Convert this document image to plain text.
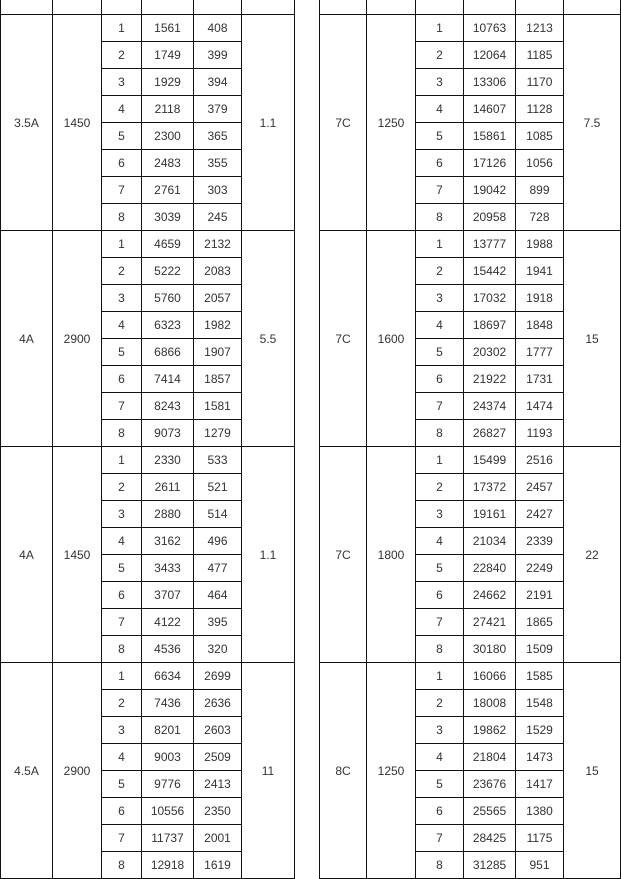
3.5A	1450	1	1561	408	1.1
		2	1749	399	
		3	1929	394	
		4	2118	379	
		5	2300	365	
		6	2483	355	
		7	2761	303	
		8	3039	245	
4A	2900	1	4659	2132	5.5
		2	5222	2083	
		3	5760	2057	
		4	6323	1982	
		5	6866	1907	
		6	7414	1857	
		7	8243	1581	
		8	9073	1279	
4A	1450	1	2330	533	1.1
		2	2611	521	
		3	2880	514	
		4	3162	496	
		5	3433	477	
		6	3707	464	
		7	4122	395	
		8	4536	320	
4.5A	2900	1	6634	2699	11
		2	7436	2636	
		3	8201	2603	
		4	9003	2509	
		5	9776	2413	
		6	10556	2350	
		7	11737	2001	
		8	12918	1619	

7C	1250	1	10763	1213	7.5
		2	12064	1185	
		3	13306	1170	
		4	14607	1128	
		5	15861	1085	
		6	17126	1056	
		7	19042	899	
		8	20958	728	
7C	1600	1	13777	1988	15
		2	15442	1941	
		3	17032	1918	
		4	18697	1848	
		5	20302	1777	
		6	21922	1731	
		7	24374	1474	
		8	26827	1193	
7C	1800	1	15499	2516	22
		2	17372	2457	
		3	19161	2427	
		4	21034	2339	
		5	22840	2249	
		6	24662	2191	
		7	27421	1865	
		8	30180	1509	
8C	1250	1	16066	1585	15
		2	18008	1548	
		3	19862	1529	
		4	21804	1473	
		5	23676	1417	
		6	25565	1380	
		7	28425	1175	
		8	31285	951	
